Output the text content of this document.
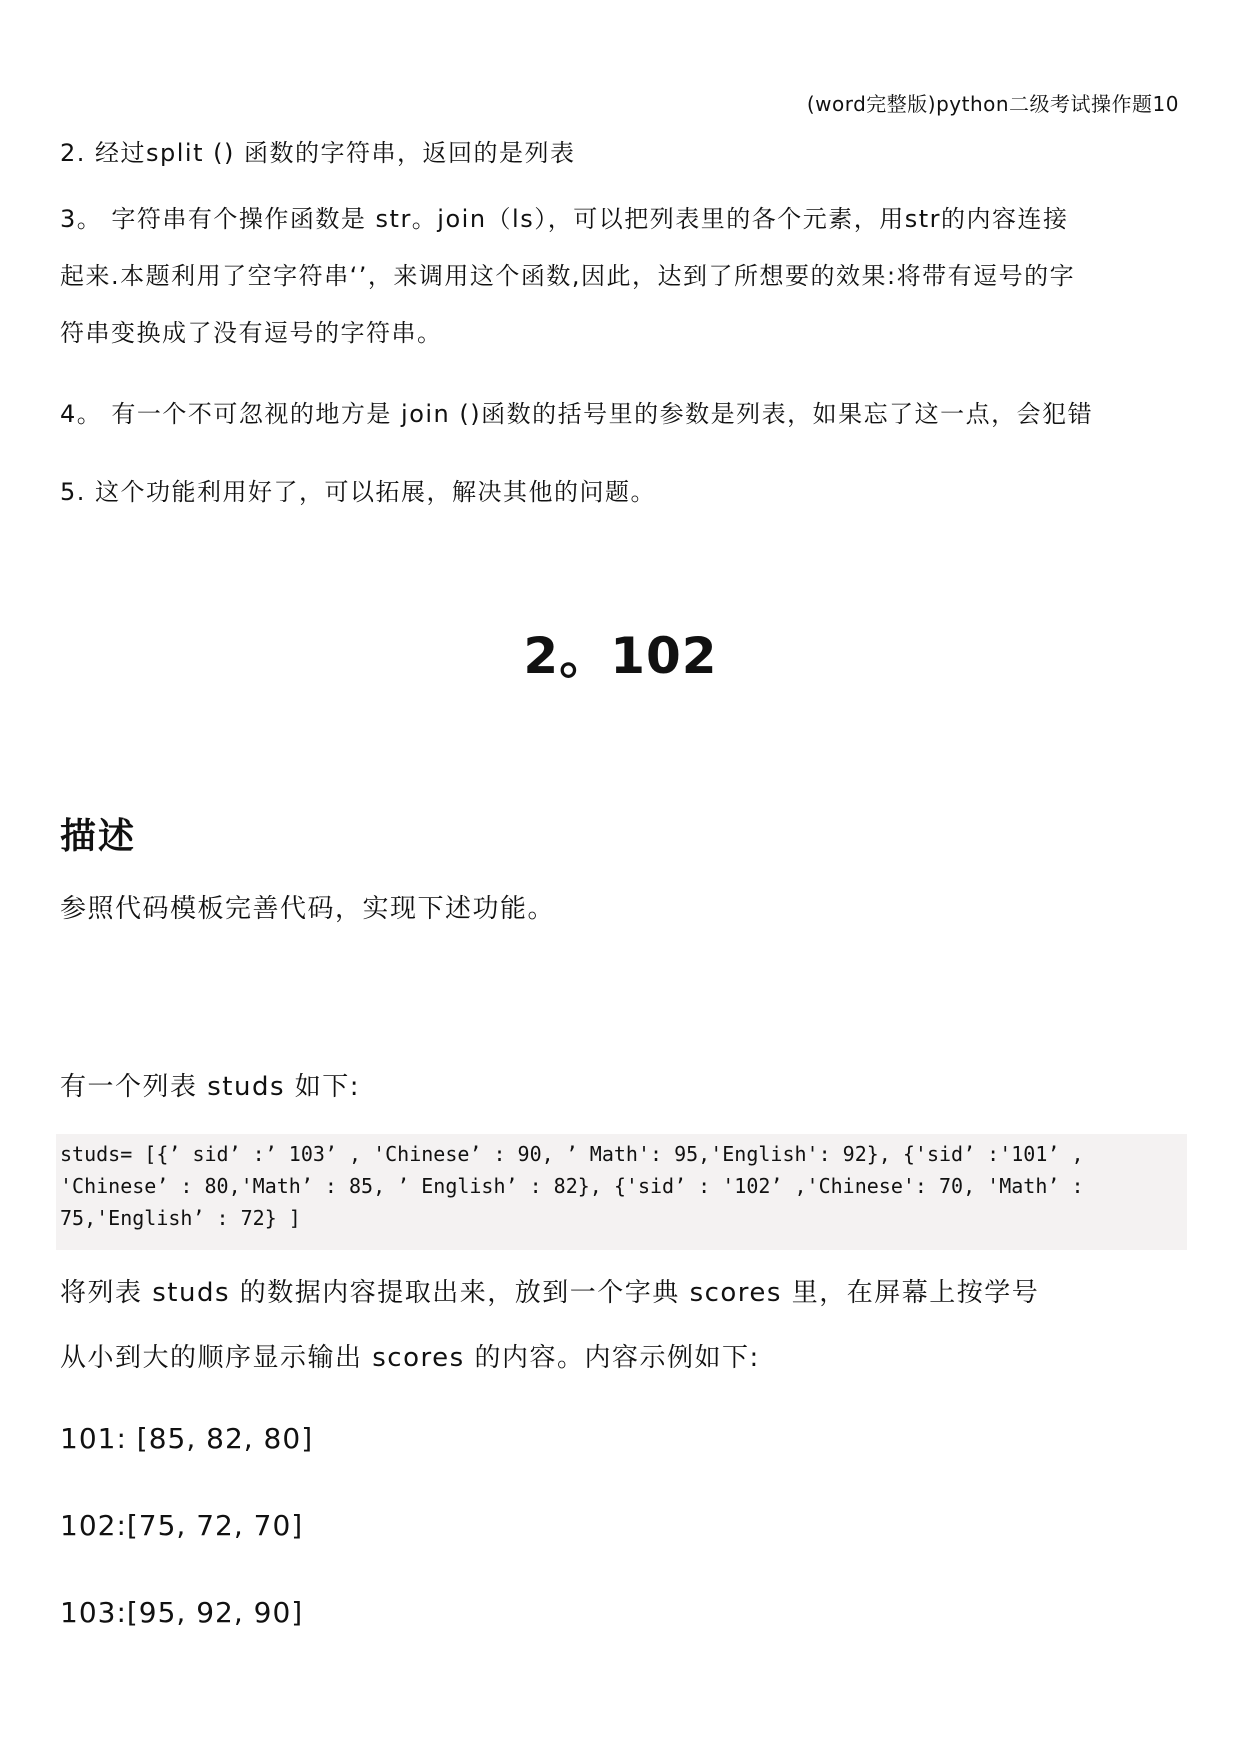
(word完整版)python二级考试操作题10
2. 经过split () 函数的字符串，返回的是列表
3。 字符串有个操作函数是 str。join（ls），可以把列表里的各个元素，用str的内容连接
起来.本题利用了空字符串‘’，来调用这个函数,因此，达到了所想要的效果:将带有逗号的字
符串变换成了没有逗号的字符串。
4。 有一个不可忽视的地方是 join ()函数的括号里的参数是列表，如果忘了这一点，会犯错
5. 这个功能利用好了，可以拓展，解决其他的问题。
2。102
描述
参照代码模板完善代码，实现下述功能。
有一个列表 studs 如下:
studs= [{’ sid’ :’ 103’ , 'Chinese’ : 90, ’ Math': 95,'English': 92}, {'sid’ :'101’ ,
'Chinese’ : 80,'Math’ : 85, ’ English’ : 82}, {'sid’ : '102’ ,'Chinese': 70, 'Math’ :
75,'English’ : 72} ]
将列表 studs 的数据内容提取出来，放到一个字典 scores 里，在屏幕上按学号
从小到大的顺序显示输出 scores 的内容。内容示例如下:
101: [85, 82, 80]
102:[75, 72, 70]
103:[95, 92, 90]
